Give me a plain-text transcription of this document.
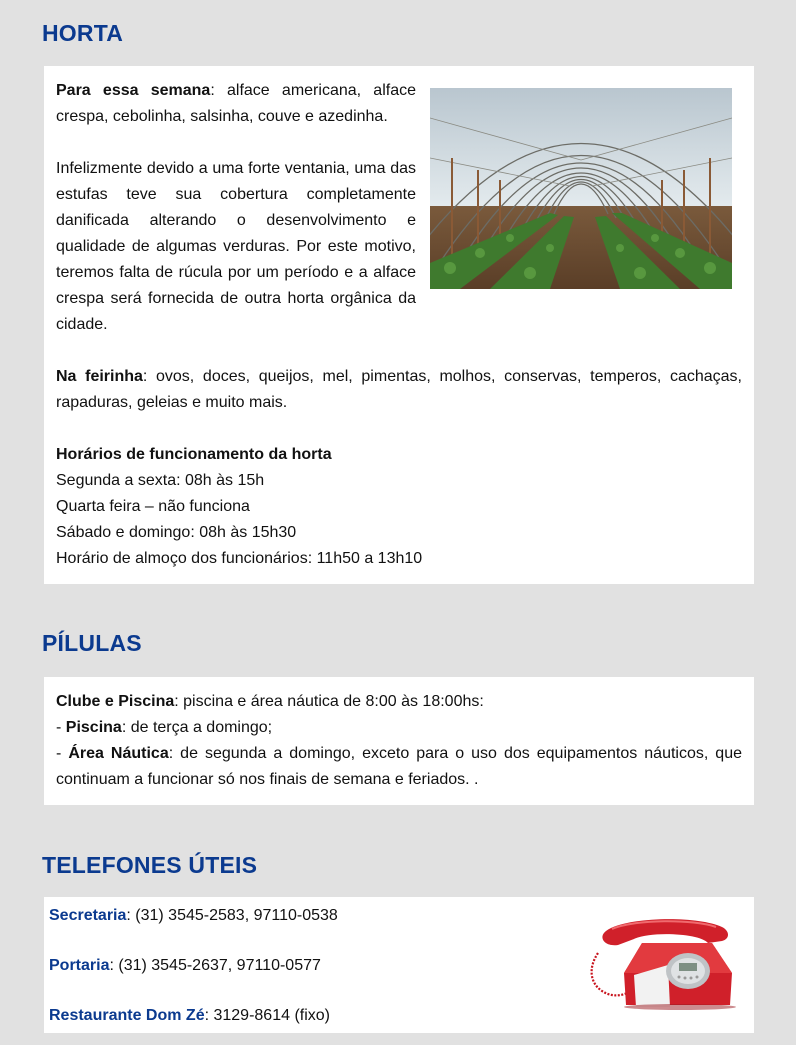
HORTA

Para essa semana: alface americana, alface crespa, cebolinha, salsinha, couve e azedinha.

Infelizmente devido a uma forte ventania, uma das estufas teve sua cobertura completamente danificada alterando o desenvolvimento e qualidade de algumas verduras. Por este motivo, teremos falta de rúcula por um período e a alface crespa será fornecida de outra horta orgânica da cidade.

Na feirinha: ovos, doces, queijos, mel, pimentas, molhos, conservas, temperos, cachaças, rapaduras, geleias e muito mais.

Horários de funcionamento da horta

Segunda a sexta: 08h às 15h

Quarta feira – não funciona

Sábado e domingo: 08h às 15h30

Horário de almoço dos funcionários: 11h50 a 13h10

PÍLULAS

Clube e Piscina: piscina e área náutica de 8:00 às 18:00hs:

- Piscina: de terça a domingo;

- Área Náutica: de segunda a domingo, exceto para o uso dos equipamentos náuticos, que continuam a funcionar só nos finais de semana e feriados. .

TELEFONES ÚTEIS
Secretaria: (31) 3545-2583, 97110-0538
Portaria: (31) 3545-2637, 97110-0577
Restaurante Dom Zé: 3129-8614 (fixo)
